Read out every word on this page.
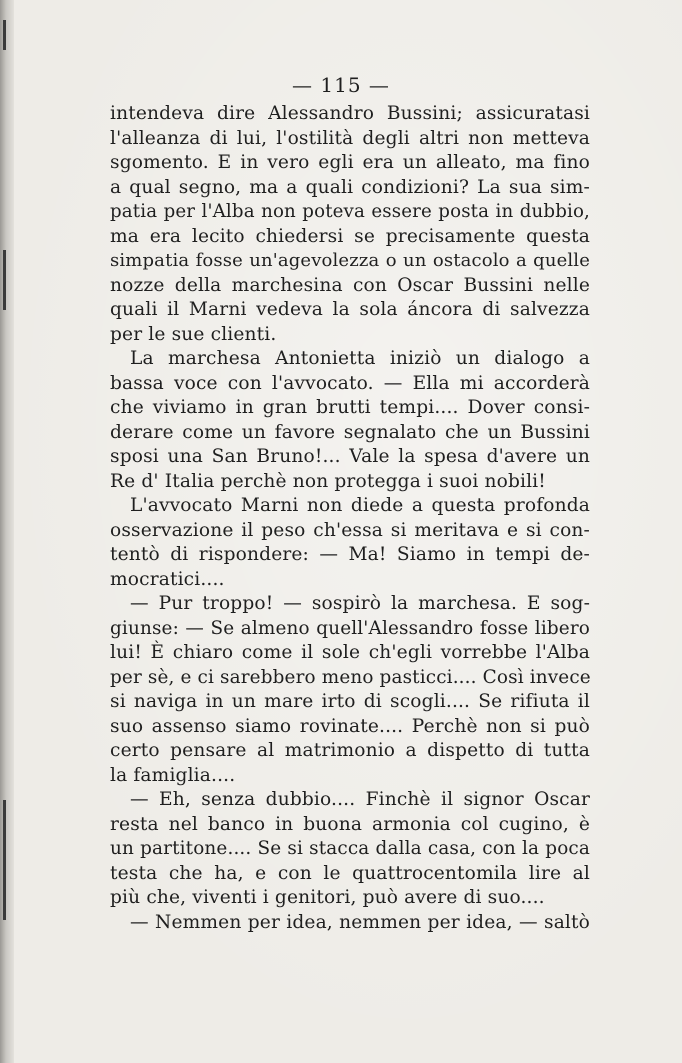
— 115 —
intendeva dire Alessandro Bussini; assicuratasi
l'alleanza di lui, l'ostilità degli altri non metteva
sgomento. E in vero egli era un alleato, ma fino
a qual segno, ma a quali condizioni? La sua sim-
patia per l'Alba non poteva essere posta in dubbio,
ma era lecito chiedersi se precisamente questa
simpatia fosse un'agevolezza o un ostacolo a quelle
nozze della marchesina con Oscar Bussini nelle
quali il Marni vedeva la sola áncora di salvezza
per le sue clienti.
La marchesa Antonietta iniziò un dialogo a
bassa voce con l'avvocato. — Ella mi accorderà
che viviamo in gran brutti tempi.... Dover consi-
derare come un favore segnalato che un Bussini
sposi una San Bruno!... Vale la spesa d'avere un
Re d' Italia perchè non protegga i suoi nobili!
L'avvocato Marni non diede a questa profonda
osservazione il peso ch'essa si meritava e si con-
tentò di rispondere: — Ma! Siamo in tempi de-
mocratici....
— Pur troppo! — sospirò la marchesa. E sog-
giunse: — Se almeno quell'Alessandro fosse libero
lui! È chiaro come il sole ch'egli vorrebbe l'Alba
per sè, e ci sarebbero meno pasticci.... Così invece
si naviga in un mare irto di scogli.... Se rifiuta il
suo assenso siamo rovinate.... Perchè non si può
certo pensare al matrimonio a dispetto di tutta
la famiglia....
— Eh, senza dubbio.... Finchè il signor Oscar
resta nel banco in buona armonia col cugino, è
un partitone.... Se si stacca dalla casa, con la poca
testa che ha, e con le quattrocentomila lire al
più che, viventi i genitori, può avere di suo....
— Nemmen per idea, nemmen per idea, — saltò
